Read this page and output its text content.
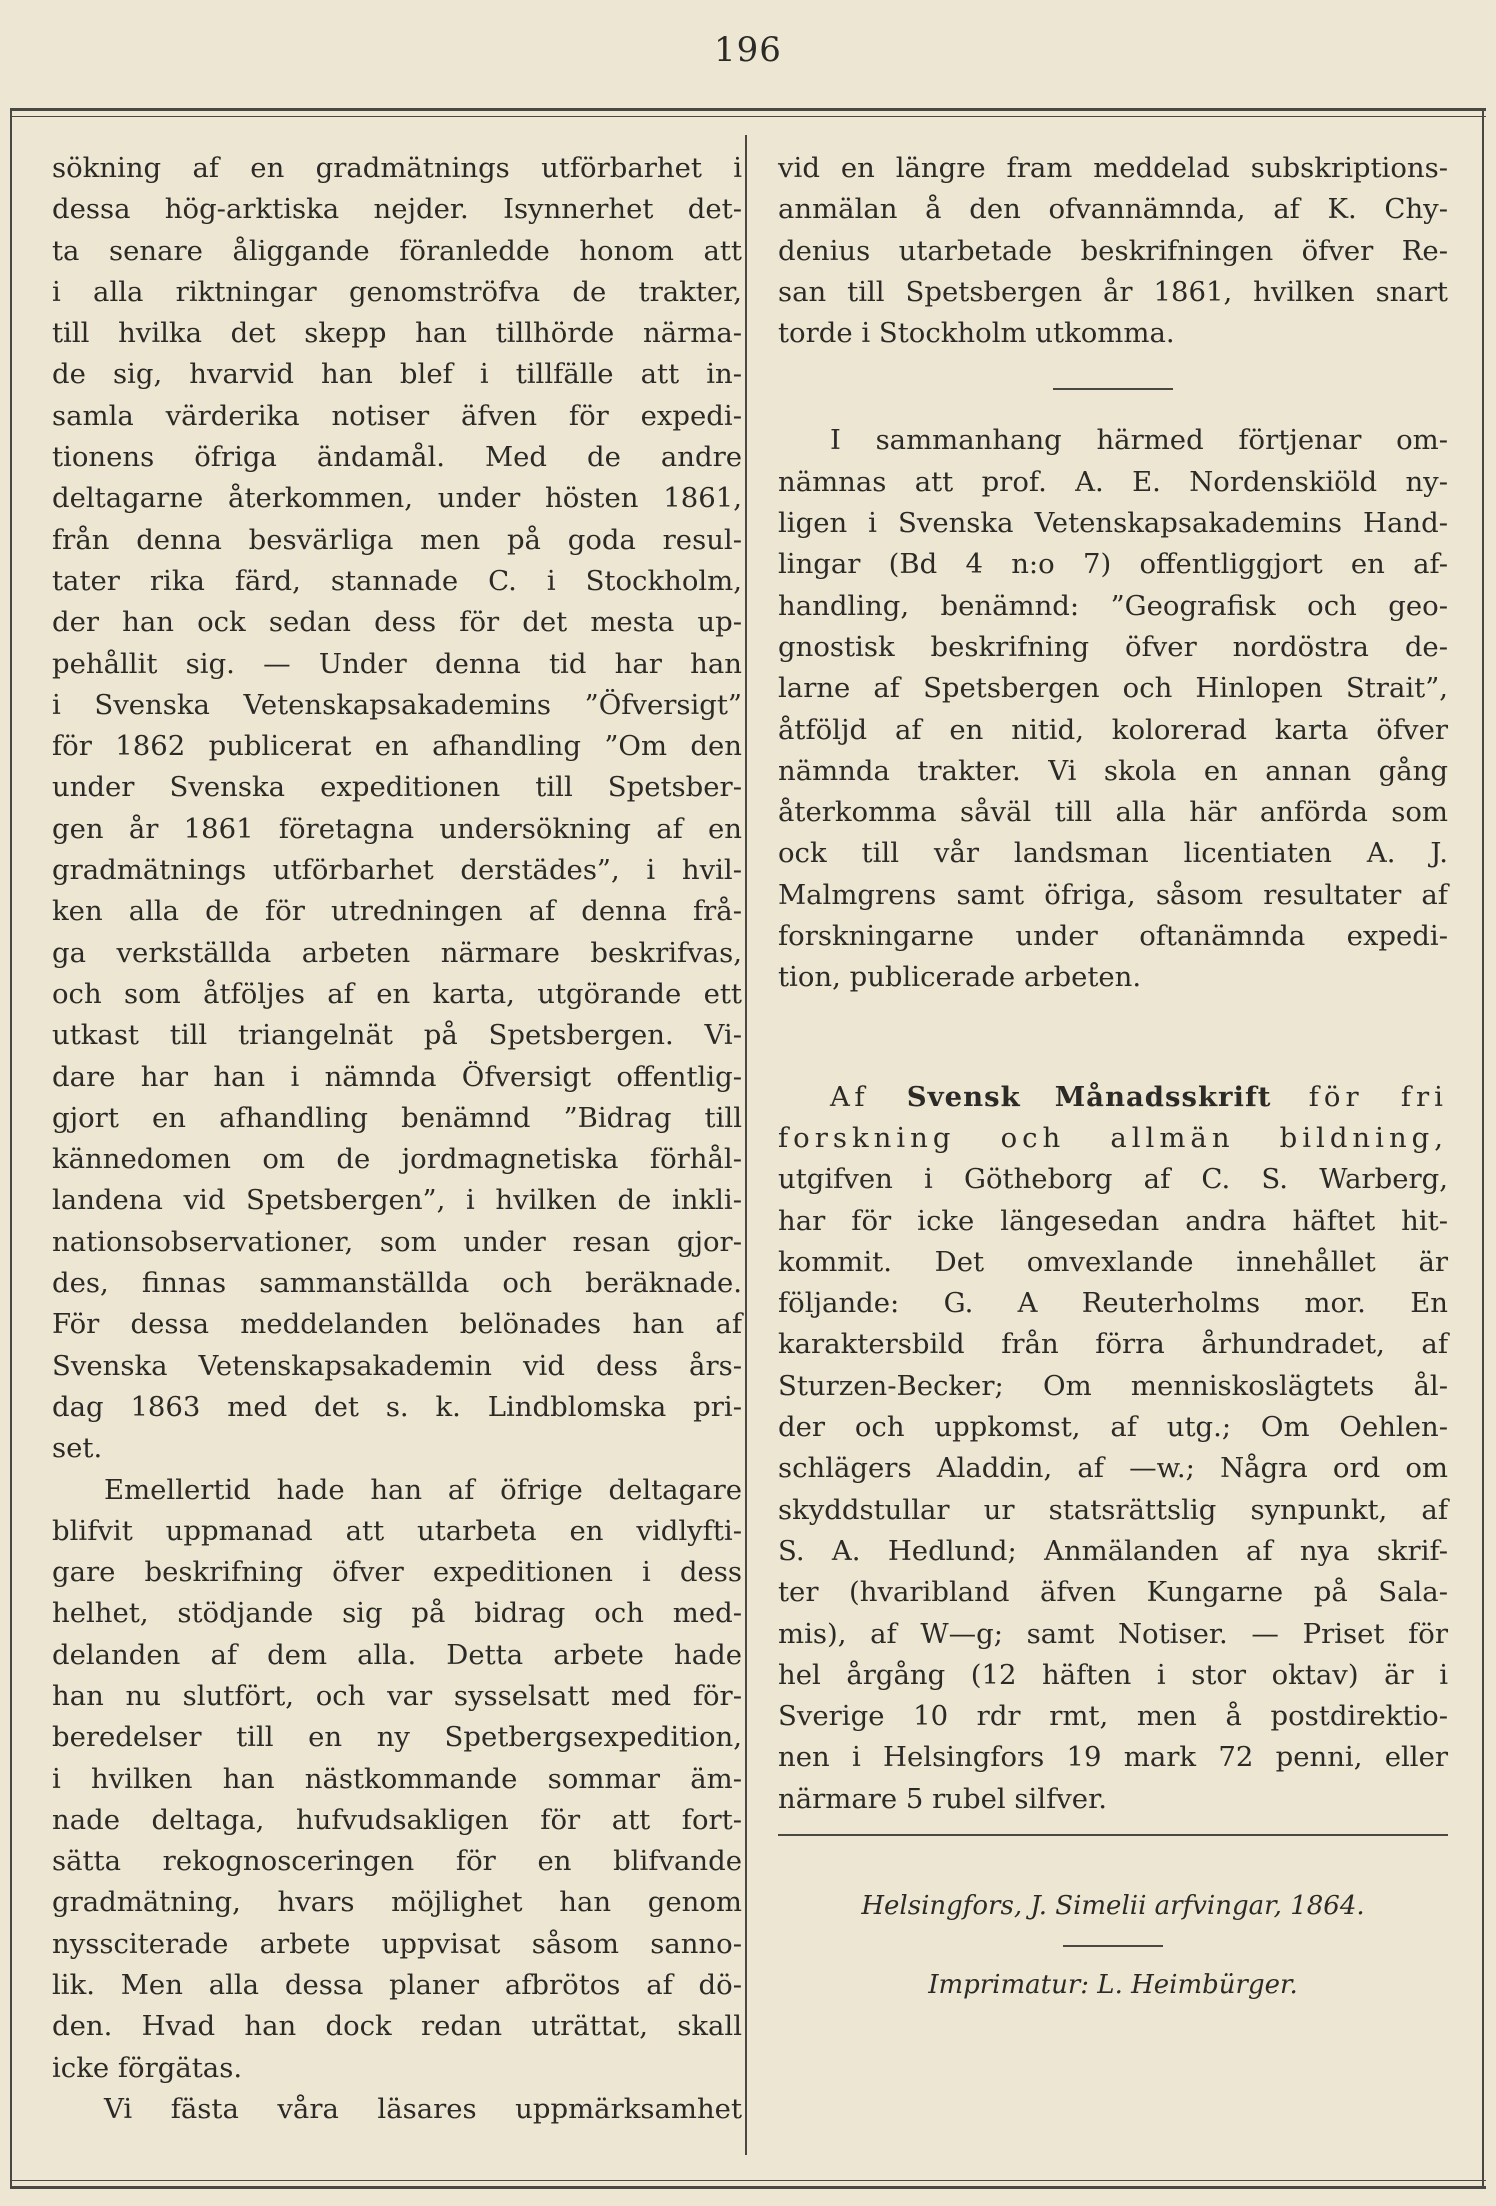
196
sökning af en gradmätnings utförbarhet i
dessa hög-arktiska nejder. Isynnerhet det-
ta senare åliggande föranledde honom att
i alla riktningar genomströfva de trakter,
till hvilka det skepp han tillhörde närma-
de sig, hvarvid han blef i tillfälle att in-
samla värderika notiser äfven för expedi-
tionens öfriga ändamål. Med de andre
deltagarne återkommen, under hösten 1861,
från denna besvärliga men på goda resul-
tater rika färd, stannade C. i Stockholm,
der han ock sedan dess för det mesta up-
pehållit sig. — Under denna tid har han
i Svenska Vetenskapsakademins ”Öfversigt”
för 1862 publicerat en afhandling ”Om den
under Svenska expeditionen till Spetsber-
gen år 1861 företagna undersökning af en
gradmätnings utförbarhet derstädes”, i hvil-
ken alla de för utredningen af denna frå-
ga verkställda arbeten närmare beskrifvas,
och som åtföljes af en karta, utgörande ett
utkast till triangelnät på Spetsbergen. Vi-
dare har han i nämnda Öfversigt offentlig-
gjort en afhandling benämnd ”Bidrag till
kännedomen om de jordmagnetiska förhål-
landena vid Spetsbergen”, i hvilken de inkli-
nationsobservationer, som under resan gjor-
des, finnas sammanställda och beräknade.
För dessa meddelanden belönades han af
Svenska Vetenskapsakademin vid dess års-
dag 1863 med det s. k. Lindblomska pri-
set.
Emellertid hade han af öfrige deltagare
blifvit uppmanad att utarbeta en vidlyfti-
gare beskrifning öfver expeditionen i dess
helhet, stödjande sig på bidrag och med-
delanden af dem alla. Detta arbete hade
han nu slutfört, och var sysselsatt med för-
beredelser till en ny Spetbergsexpedition,
i hvilken han nästkommande sommar äm-
nade deltaga, hufvudsakligen för att fort-
sätta rekognosceringen för en blifvande
gradmätning, hvars möjlighet han genom
nyssciterade arbete uppvisat såsom sanno-
lik. Men alla dessa planer afbrötos af dö-
den. Hvad han dock redan uträttat, skall
icke förgätas.
Vi fästa våra läsares uppmärksamhet
vid en längre fram meddelad subskriptions-
anmälan å den ofvannämnda, af K. Chy-
denius utarbetade beskrifningen öfver Re-
san till Spetsbergen år 1861, hvilken snart
torde i Stockholm utkomma.
I sammanhang härmed förtjenar om-
nämnas att prof. A. E. Nordenskiöld ny-
ligen i Svenska Vetenskapsakademins Hand-
lingar (Bd 4 n:o 7) offentliggjort en af-
handling, benämnd: ”Geografisk och geo-
gnostisk beskrifning öfver nordöstra de-
larne af Spetsbergen och Hinlopen Strait”,
åtföljd af en nitid, kolorerad karta öfver
nämnda trakter. Vi skola en annan gång
återkomma såväl till alla här anförda som
ock till vår landsman licentiaten A. J.
Malmgrens samt öfriga, såsom resultater af
forskningarne under oftanämnda expedi-
tion, publicerade arbeten.
Af Svensk Månadsskrift för fri
forskning och allmän bildning,
utgifven i Götheborg af C. S. Warberg,
har för icke längesedan andra häftet hit-
kommit. Det omvexlande innehållet är
följande: G. A Reuterholms mor. En
karaktersbild från förra århundradet, af
Sturzen-Becker; Om menniskoslägtets ål-
der och uppkomst, af utg.; Om Oehlen-
schlägers Aladdin, af —w.; Några ord om
skyddstullar ur statsrättslig synpunkt, af
S. A. Hedlund; Anmälanden af nya skrif-
ter (hvaribland äfven Kungarne på Sala-
mis), af W—g; samt Notiser. — Priset för
hel årgång (12 häften i stor oktav) är i
Sverige 10 rdr rmt, men å postdirektio-
nen i Helsingfors 19 mark 72 penni, eller
närmare 5 rubel silfver.
Helsingfors, J. Simelii arfvingar, 1864.
Imprimatur: L. Heimbürger.
